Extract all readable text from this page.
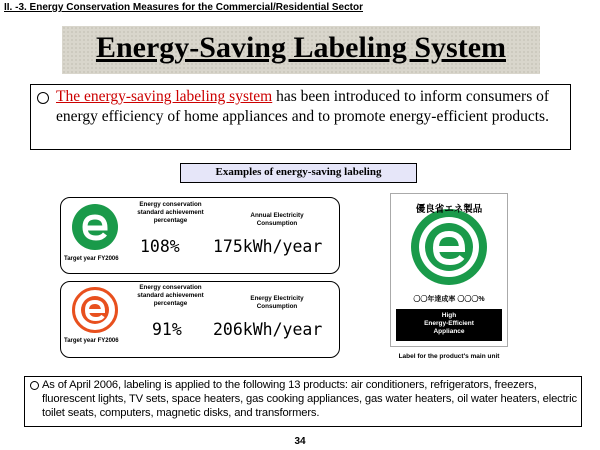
II. -3. Energy Conservation Measures for the Commercial/Residential Sector
Energy-Saving Labeling System
The energy-saving labeling system has been introduced to inform consumers of energy efficiency of home appliances and to promote energy-efficient products.
Examples of energy-saving labeling
Target year FY2006
Energy conservation standard achievement percentage
108%
Annual Electricity Consumption
175kWh/year
Target year FY2006
Energy conservation standard achievement percentage
91%
Energy Electricity Consumption
206kWh/year
優良省エネ製品
〇〇年達成率 〇〇〇%
High
Energy-Efficient
Appliance
Label for the product's main unit
As of April 2006, labeling is applied to the following 13 products: air conditioners, refrigerators, freezers, fluorescent lights, TV sets, space heaters, gas cooking appliances, gas water heaters, oil water heaters, electric toilet seats, computers, magnetic disks, and transformers.
34
